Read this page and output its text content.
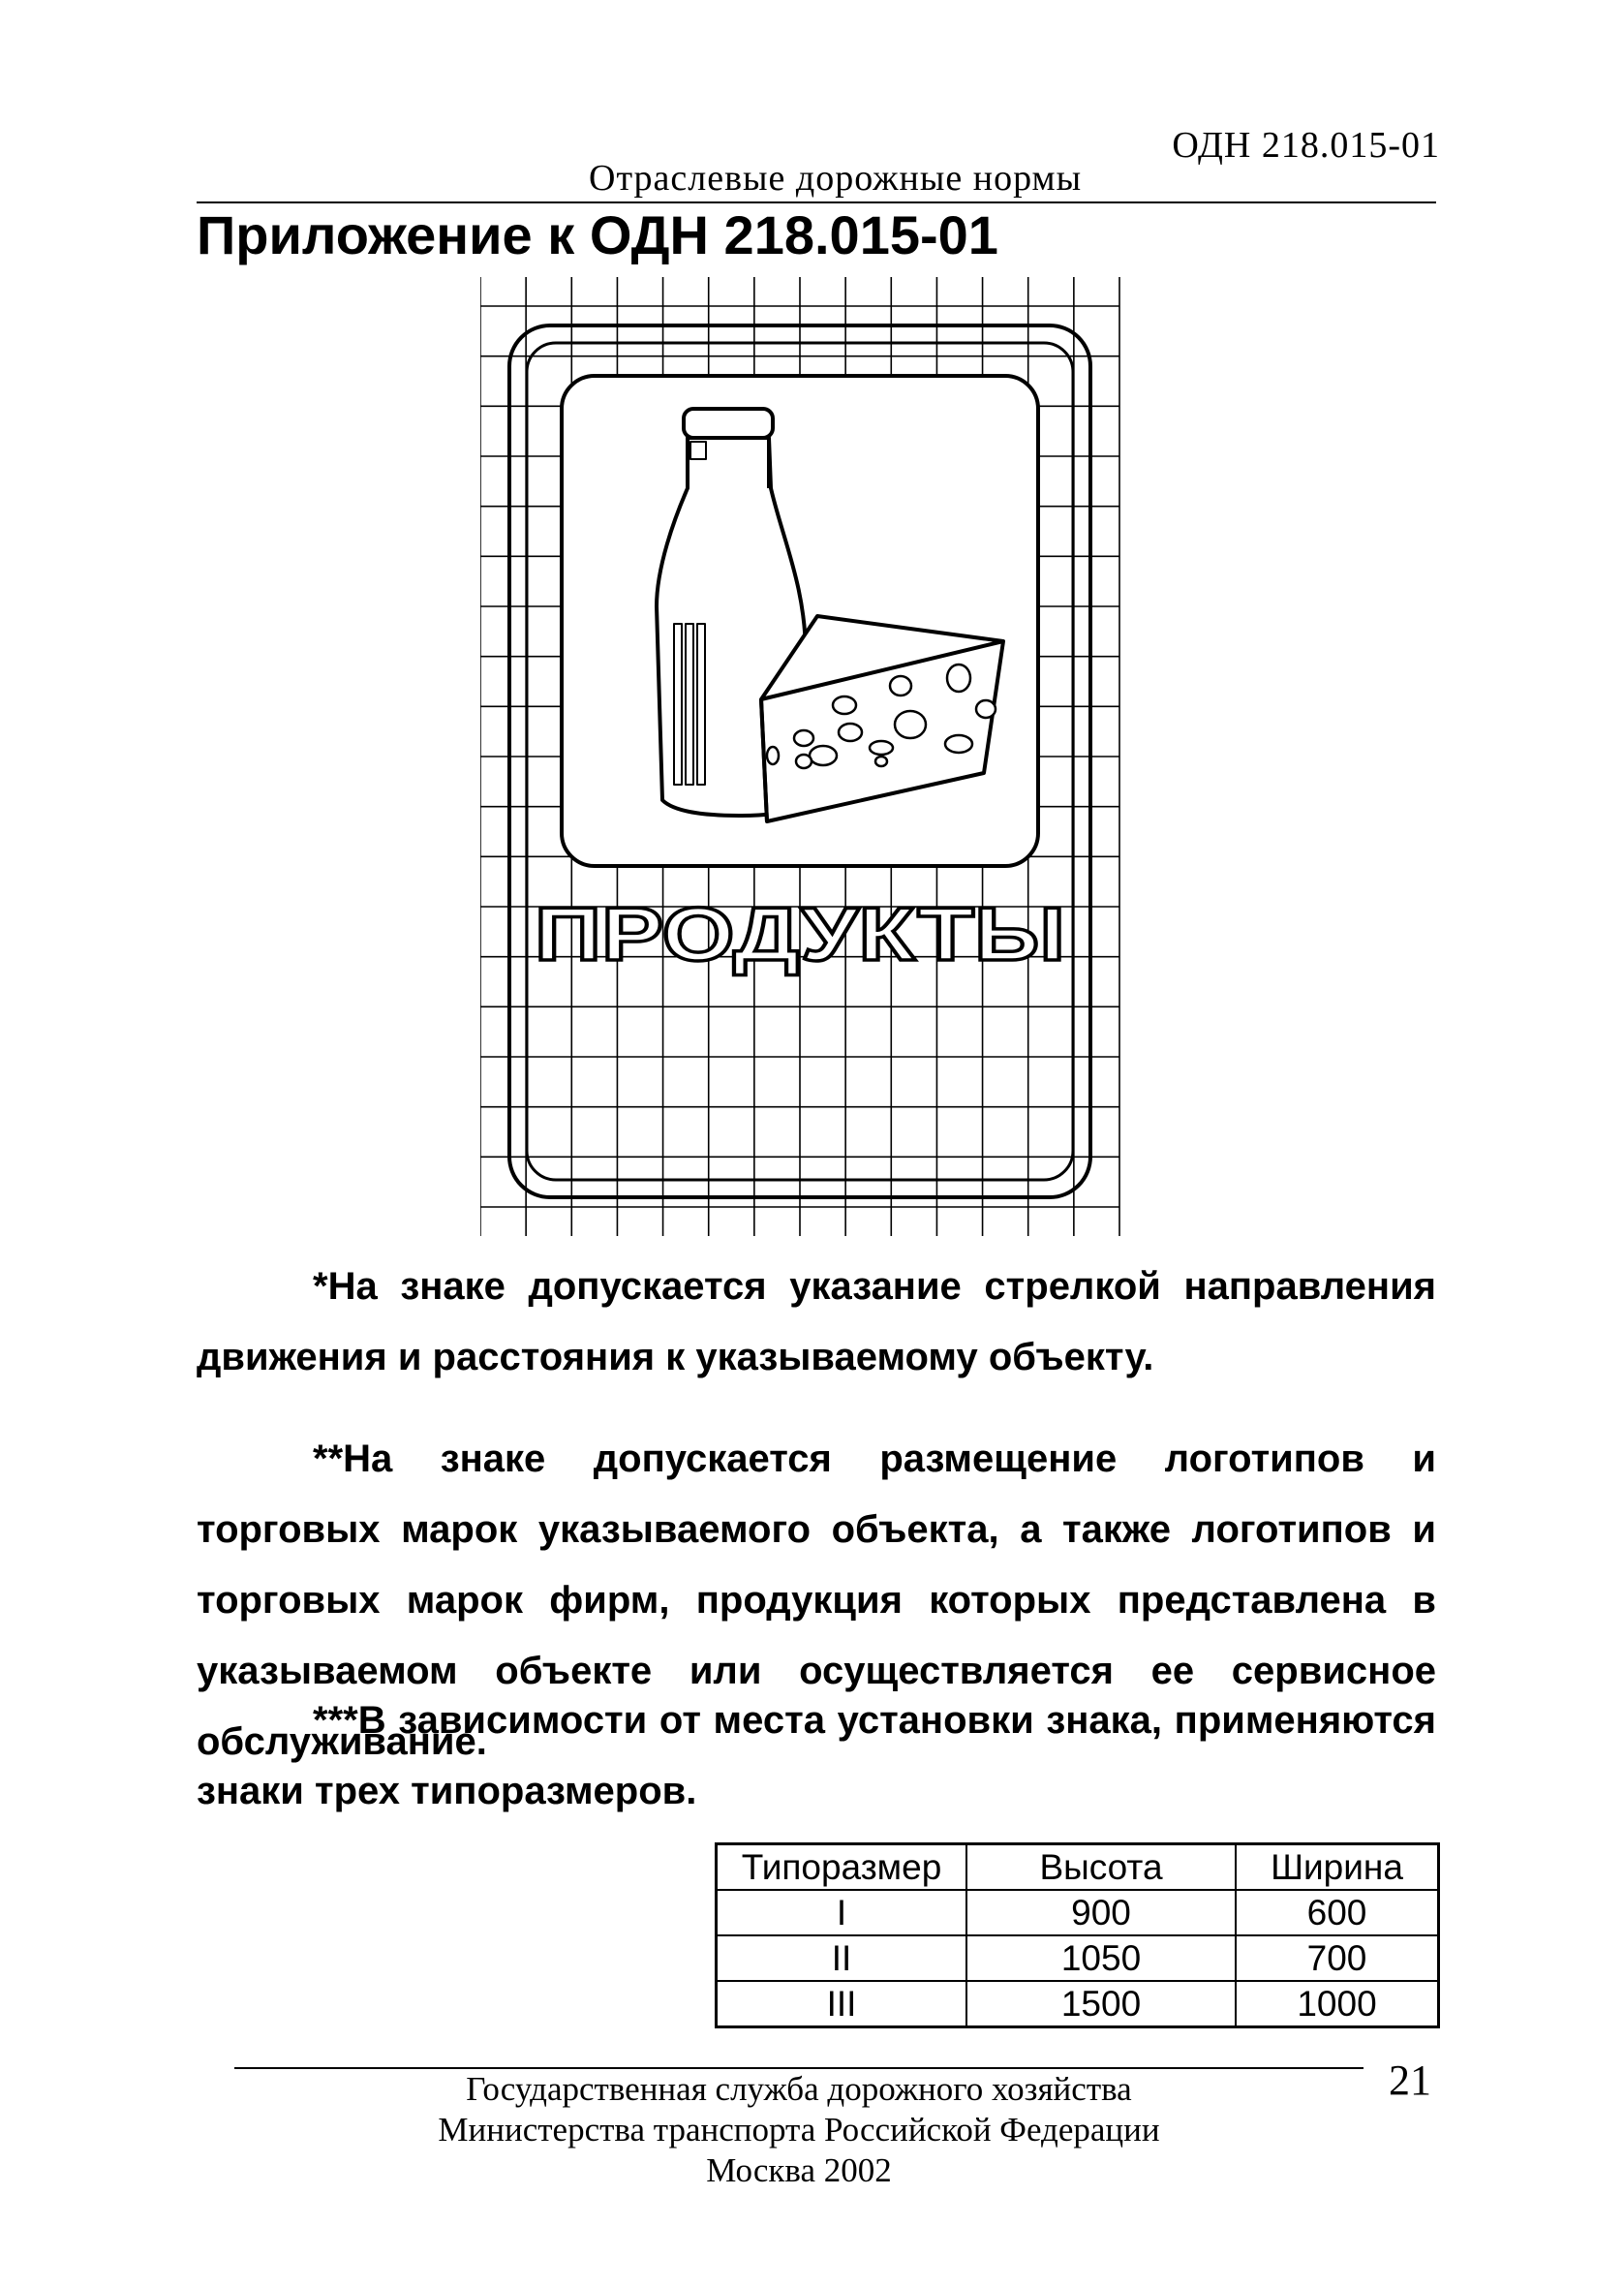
ОДН 218.015-01
Отраслевые дорожные нормы
Приложение к ОДН 218.015-01
ПРОДУКТЫ

*На знаке допускается указание стрелкой направления движения и расстояния к указываемому объекту.

**На знаке допускается размещение логотипов и торговых марок указываемого объекта, а также логотипов и торговых марок фирм, продукция которых представлена в указываемом объекте или осуществляется ее сервисное обслуживание.

***В зависимости от места установки знака, применяются знаки трех типоразмеров.

Типоразмер	Высота	Ширина
I	900	600
II	1050	700
III	1500	1000
21
Государственная служба дорожного хозяйства
Министерства транспорта Российской Федерации
Москва 2002
